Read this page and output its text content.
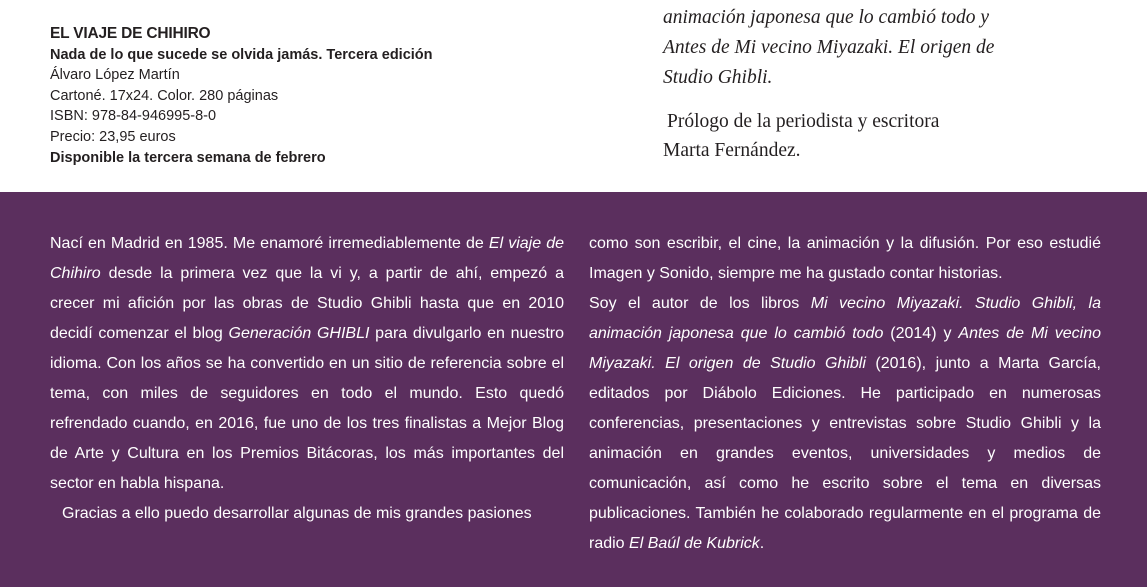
EL VIAJE DE CHIHIRO
Nada de lo que sucede se olvida jamás. Tercera edición
Álvaro López Martín
Cartoné. 17x24. Color. 280 páginas
ISBN: 978-84-946995-8-0
Precio: 23,95 euros
Disponible la tercera semana de febrero
animación japonesa que lo cambió todo y
Antes de Mi vecino Miyazaki. El origen de
Studio Ghibli.
Prólogo de la periodista y escritora
Marta Fernández.

Nací en Madrid en 1985. Me enamoré irremediablemente de El viaje de Chihiro desde la primera vez que la vi y, a partir de ahí, empezó a crecer mi afición por las obras de Studio Ghibli hasta que en 2010 decidí comenzar el blog Generación GHIBLI para divulgarlo en nuestro idioma. Con los años se ha convertido en un sitio de referencia sobre el tema, con miles de seguidores en todo el mundo. Esto quedó refrendado cuando, en 2016, fue uno de los tres finalistas a Mejor Blog de Arte y Cultura en los Premios Bitácoras, los más importantes del sector en habla hispana.

Gracias a ello puedo desarrollar algunas de mis grandes pasiones

como son escribir, el cine, la animación y la difusión. Por eso estudié Imagen y Sonido, siempre me ha gustado contar historias.

Soy el autor de los libros Mi vecino Miyazaki. Studio Ghibli, la animación japonesa que lo cambió todo (2014) y Antes de Mi vecino Miyazaki. El origen de Studio Ghibli (2016), junto a Marta García, editados por Diábolo Ediciones. He participado en numerosas conferencias, presentaciones y entrevistas sobre Studio Ghibli y la animación en grandes eventos, universidades y medios de comunicación, así como he escrito sobre el tema en diversas publicaciones. También he colaborado regularmente en el programa de radio El Baúl de Kubrick.
